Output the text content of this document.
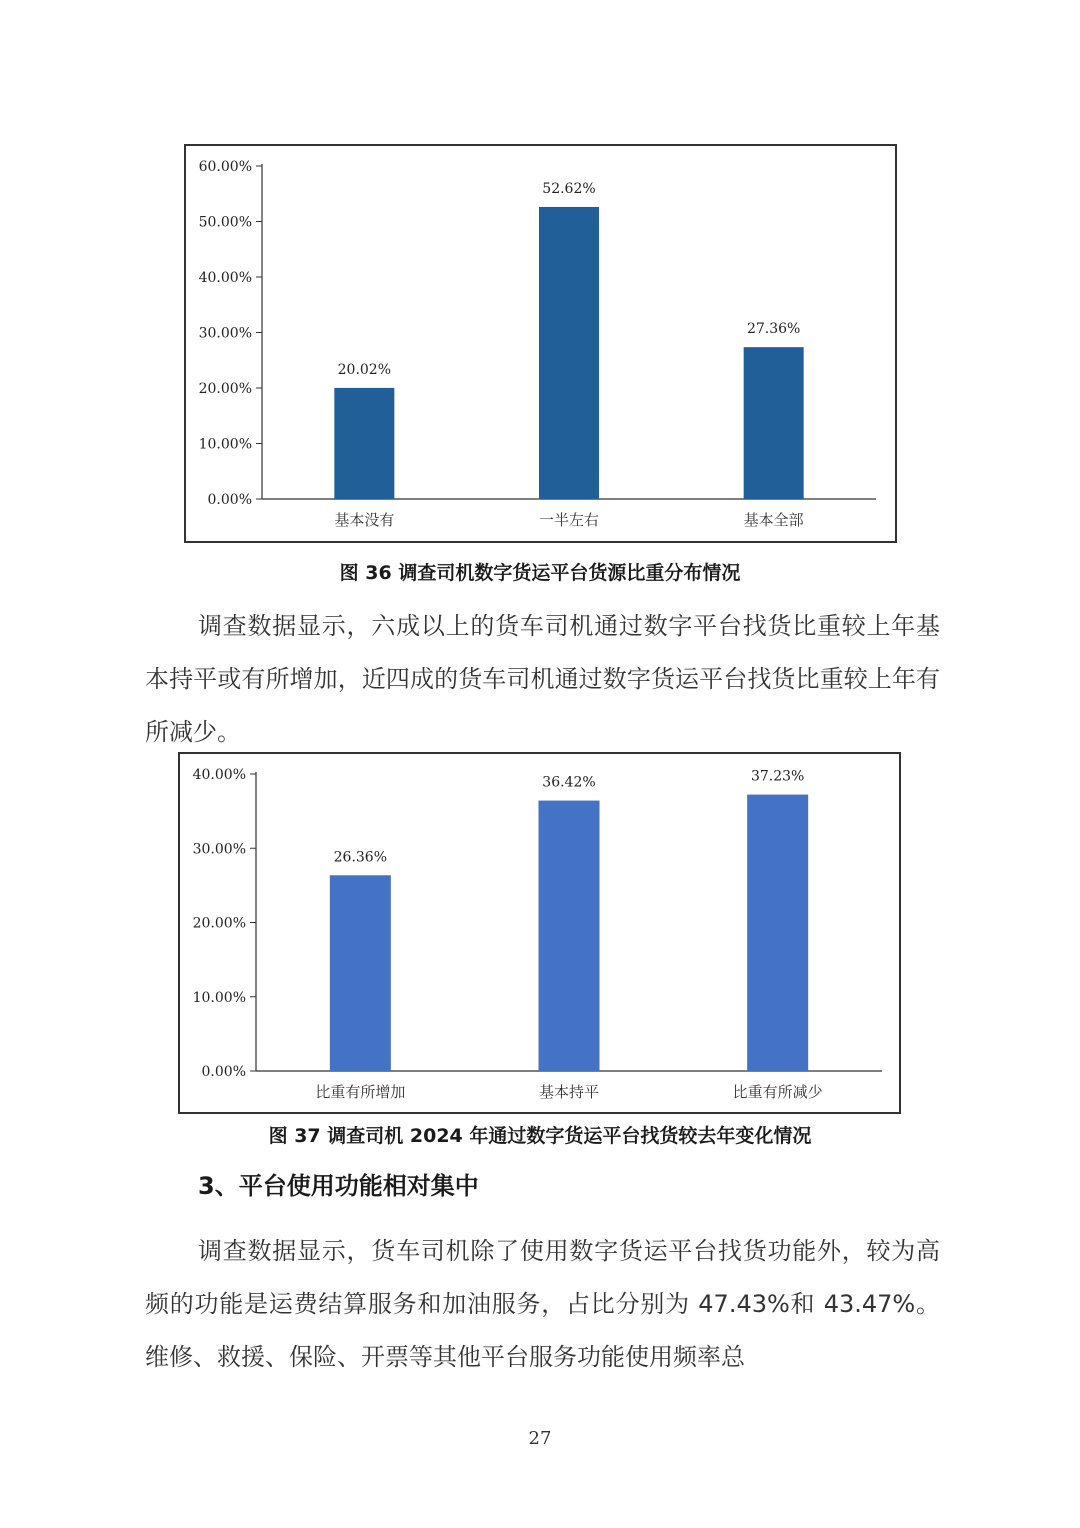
0.00%
10.00%
20.00%
30.00%
40.00%
50.00%
60.00%
20.02%
基本没有
52.62%
一半左右
27.36%
基本全部
图 36 调查司机数字货运平台货源比重分布情况

调查数据显示，六成以上的货车司机通过数字平台找货比重较上年基本持平或有所增加，近四成的货车司机通过数字货运平台找货比重较上年有所减少。

0.00%
10.00%
20.00%
30.00%
40.00%
26.36%
比重有所增加
36.42%
基本持平
37.23%
比重有所减少
图 37 调查司机 2024 年通过数字货运平台找货较去年变化情况
3、平台使用功能相对集中

调查数据显示，货车司机除了使用数字货运平台找货功能外，较为高频的功能是运费结算服务和加油服务，占比分别为 47.43%和 43.47%。维修、救援、保险、开票等其他平台服务功能使用频率总

27
